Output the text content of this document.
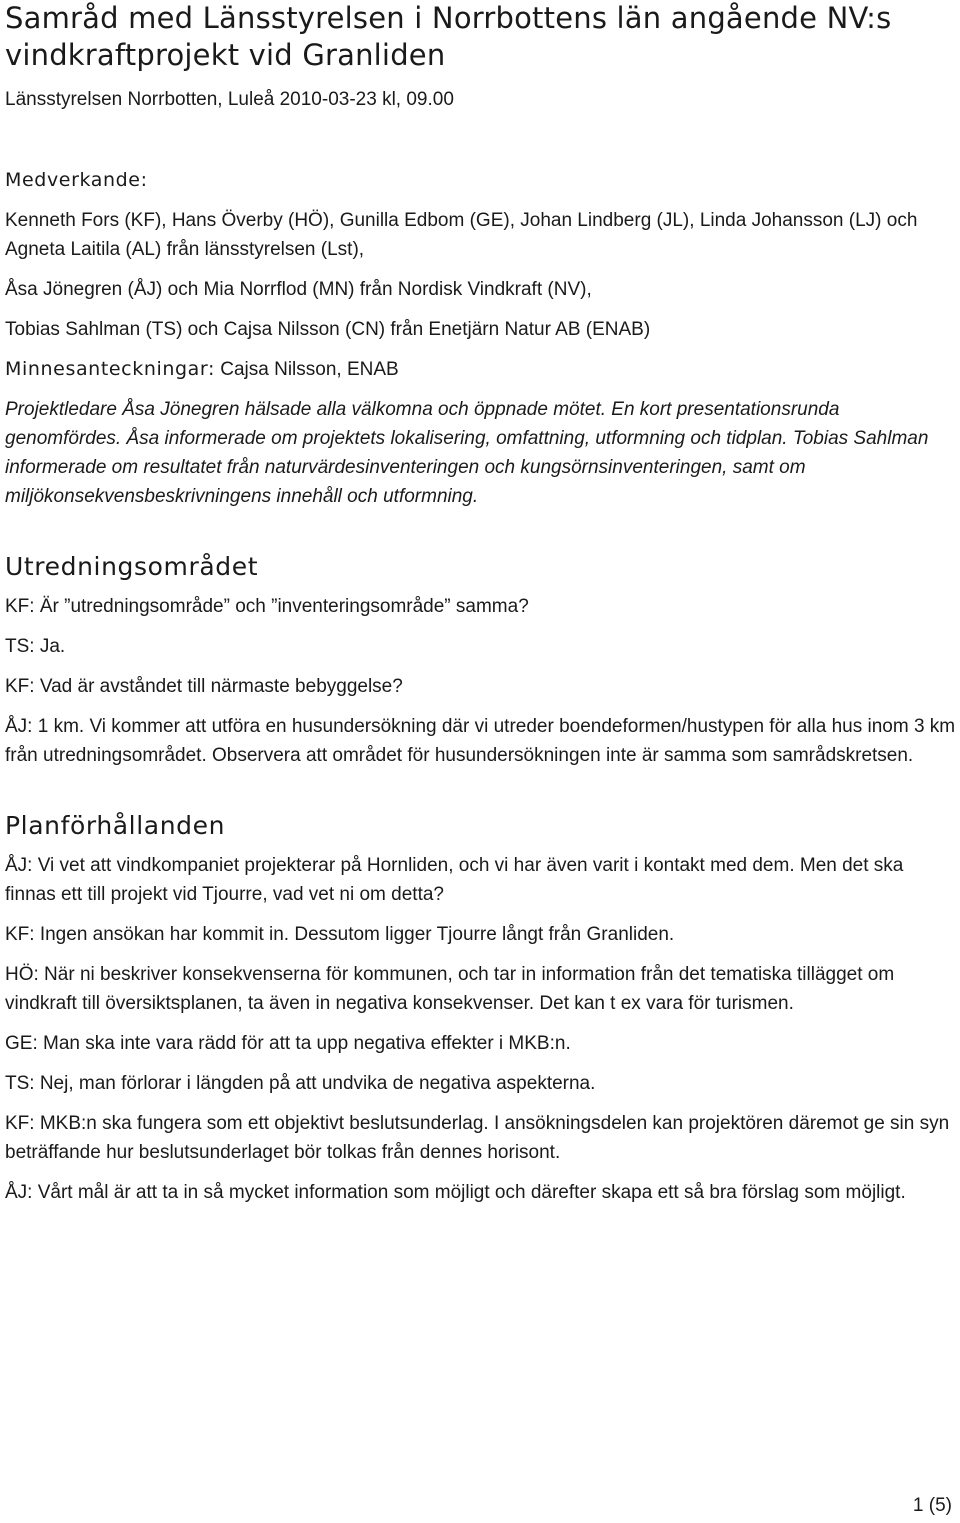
Samråd med Länsstyrelsen i Norrbottens län angående NV:s vindkraftprojekt vid Granliden

Länsstyrelsen Norrbotten, Luleå 2010-03-23 kl, 09.00

Medverkande:

Kenneth Fors (KF), Hans Överby (HÖ), Gunilla Edbom (GE), Johan Lindberg (JL), Linda Johansson (LJ) och Agneta Laitila (AL) från länsstyrelsen (Lst),

Åsa Jönegren (ÅJ) och Mia Norrflod (MN) från Nordisk Vindkraft (NV),

Tobias Sahlman (TS) och Cajsa Nilsson (CN) från Enetjärn Natur AB (ENAB)

Minnesanteckningar: Cajsa Nilsson, ENAB

Projektledare Åsa Jönegren hälsade alla välkomna och öppnade mötet. En kort presentationsrunda genomfördes. Åsa informerade om projektets lokalisering, omfattning, utformning och tidplan. Tobias Sahlman informerade om resultatet från naturvärdesinventeringen och kungsörnsinventeringen, samt om miljökonsekvensbeskrivningens innehåll och utformning.

Utredningsområdet

KF: Är ”utredningsområde” och ”inventeringsområde” samma?

TS: Ja.

KF: Vad är avståndet till närmaste bebyggelse?

ÅJ: 1 km. Vi kommer att utföra en husundersökning där vi utreder boendeformen/hustypen för alla hus inom 3 km från utredningsområdet. Observera att området för husundersökningen inte är samma som samrådskretsen.

Planförhållanden

ÅJ: Vi vet att vindkompaniet projekterar på Hornliden, och vi har även varit i kontakt med dem. Men det ska finnas ett till projekt vid Tjourre, vad vet ni om detta?

KF: Ingen ansökan har kommit in. Dessutom ligger Tjourre långt från Granliden.

HÖ: När ni beskriver konsekvenserna för kommunen, och tar in information från det tematiska tillägget om vindkraft till översiktsplanen, ta även in negativa konsekvenser. Det kan t ex vara för turismen.

GE: Man ska inte vara rädd för att ta upp negativa effekter i MKB:n.

TS: Nej, man förlorar i längden på att undvika de negativa aspekterna.

KF: MKB:n ska fungera som ett objektivt beslutsunderlag. I ansökningsdelen kan projektören däremot ge sin syn beträffande hur beslutsunderlaget bör tolkas från dennes horisont.

ÅJ: Vårt mål är att ta in så mycket information som möjligt och därefter skapa ett så bra förslag som möjligt.

1 (5)
